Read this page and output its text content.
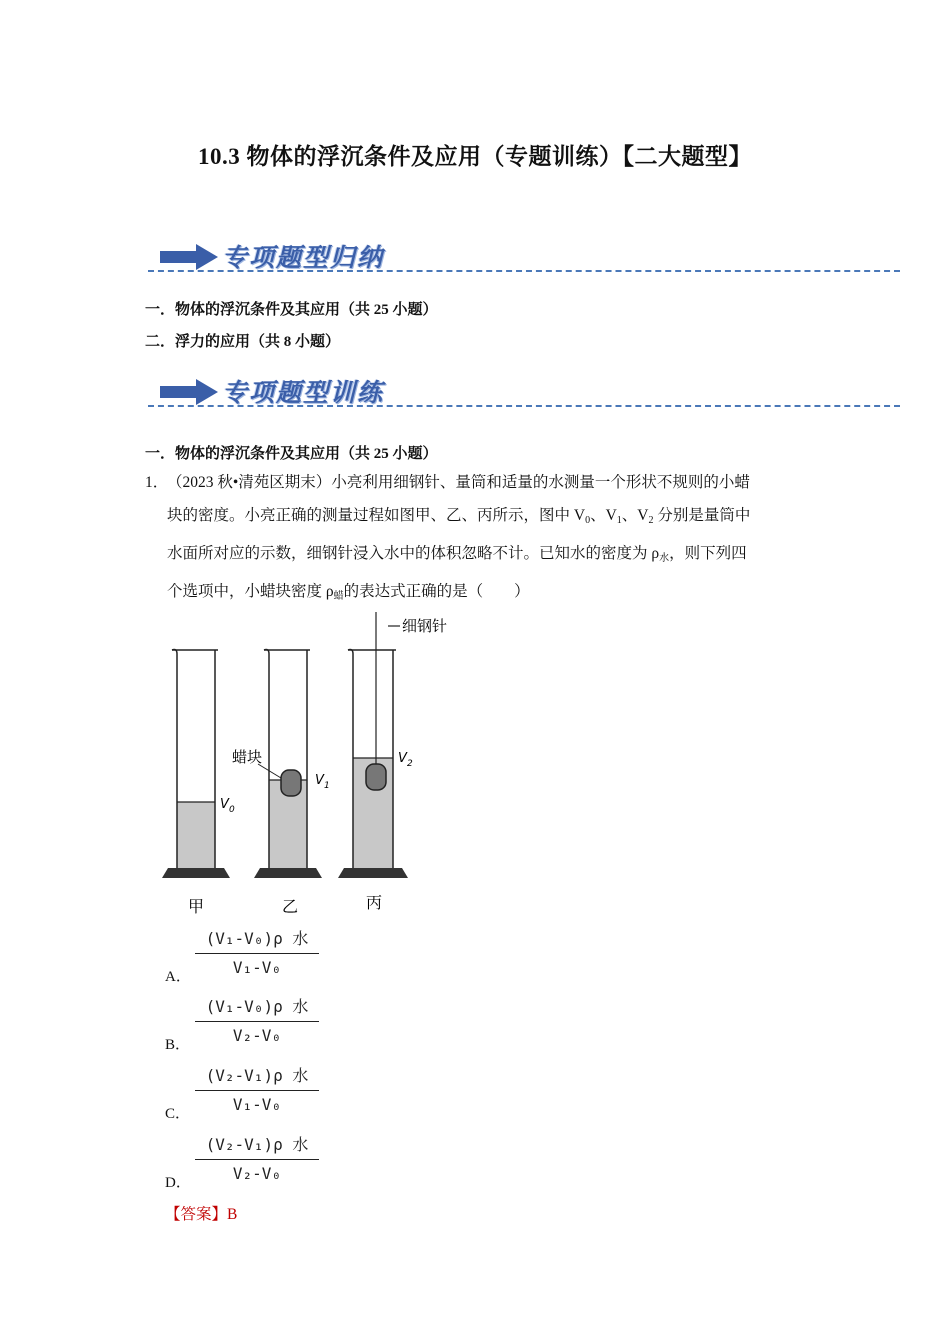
10.3 物体的浮沉条件及应用（专题训练）【二大题型】
专项题型归纳
一．物体的浮沉条件及其应用（共 25 小题）
二．浮力的应用（共 8 小题）
专项题型训练
一．物体的浮沉条件及其应用（共 25 小题）
1．
（2023 秋•清苑区期末）小亮利用细钢针、量筒和适量的水测量一个形状不规则的小蜡
块的密度。小亮正确的测量过程如图甲、乙、丙所示，图中 $V_0$、$V_1$、$V_2$ 分别是量筒中
水面所对应的示数，细钢针浸入水中的体积忽略不计。已知水的密度为 $\rho_水$，则下列四
个选项中，小蜡块密度 $\rho_蜡$的表达式正确的是（　　）
V 0
蜡块
V 1
细钢针
V 2
甲	乙	丙
A．
(V₁-V₀)ρ 水
V₁-V₀
B．
(V₁-V₀)ρ 水
V₂-V₀
C．
(V₂-V₁)ρ 水
V₁-V₀
D．
(V₂-V₁)ρ 水
V₂-V₀
【答案】B
